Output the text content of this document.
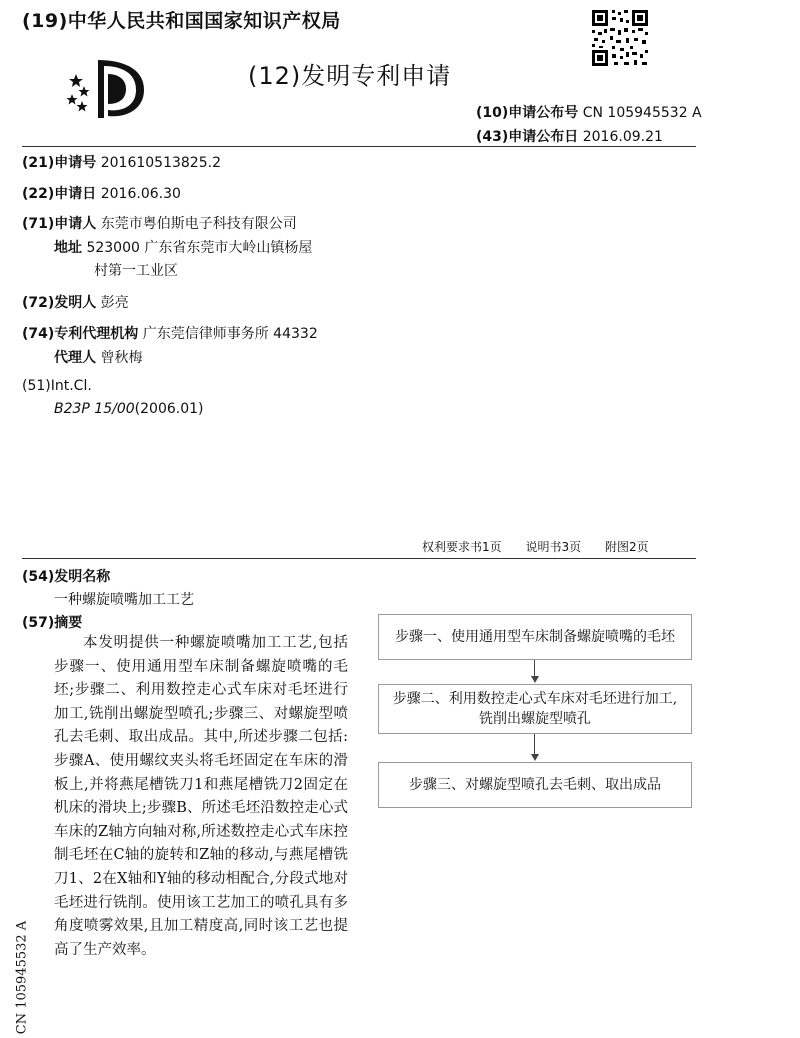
(19)中华人民共和国国家知识产权局
(12)发明专利申请
(10)申请公布号 CN 105945532 A
(43)申请公布日 2016.09.21
(21)申请号 201610513825.2
(22)申请日 2016.06.30
(71)申请人 东莞市粤伯斯电子科技有限公司
地址 523000 广东省东莞市大岭山镇杨屋
村第一工业区
(72)发明人 彭亮
(74)专利代理机构 广东莞信律师事务所 44332
代理人 曾秋梅
(51)Int.Cl.
B23P 15/00(2006.01)
权利要求书1页 说明书3页 附图2页
(54)发明名称
一种螺旋喷嘴加工工艺
(57)摘要
本发明提供一种螺旋喷嘴加工工艺,包括步骤一、使用通用型车床制备螺旋喷嘴的毛坯;步骤二、利用数控走心式车床对毛坯进行加工,铣削出螺旋型喷孔;步骤三、对螺旋型喷孔去毛刺、取出成品。其中,所述步骤二包括:步骤A、使用螺纹夹头将毛坯固定在车床的滑板上,并将燕尾槽铣刀1和燕尾槽铣刀2固定在机床的滑块上;步骤B、所述毛坯沿数控走心式车床的Z轴方向轴对称,所述数控走心式车床控制毛坯在C轴的旋转和Z轴的移动,与燕尾槽铣刀1、2在X轴和Y轴的移动相配合,分段式地对毛坯进行铣削。使用该工艺加工的喷孔具有多角度喷雾效果,且加工精度高,同时该工艺也提高了生产效率。
步骤一、使用通用型车床制备螺旋喷嘴的毛坯
步骤二、利用数控走心式车床对毛坯进行加工,
铣削出螺旋型喷孔
步骤三、对螺旋型喷孔去毛刺、取出成品
CN 105945532 A
